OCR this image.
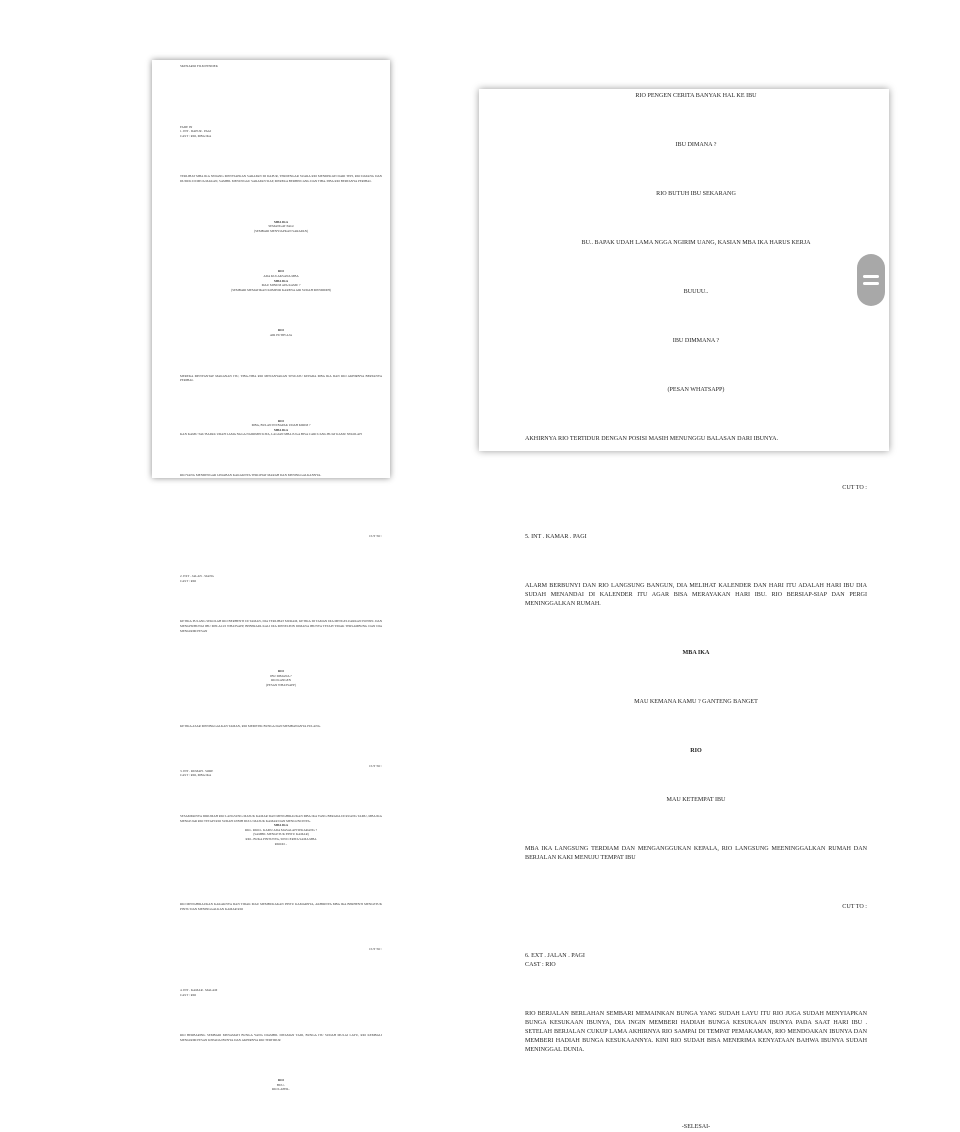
SKENARIO FILM PENDEK

FADE IN

1. INT . DAPUR . PAGI

CAST : RIO, MBA IKA

TERLIHAT MBA IKA SEDANG MENYIAPKAN SARAPAN DI DAPUR, TERDENGAR SUARA RIO MENDEKATI DARI TEPI, RIO DATANG DAN DUDUK DI MEJA MAKAN, SAMBIL MENUNGGU SARAPAN SIAP, MEREKA BERBINCANG DAN TIBA-TIBA RIO BERTANYA PERIHAL

MBA IKA

SEMANGAT PAGI

(SEMBARI MENYIAPKAN SARAPAN)

RIO

ADA KULAKSANA MBA

MBA IKA

MAU MINUM APA KAMU ?

(SEMBARI MEMATIKAN KOMPOR KARENA AIR SUDAH MENDIDIH)

RIO

AIR PUTIH AJA

MEREKA MENYANTAP MAKANAN ITU, TIBA-TIBA RIO MENANYAKAN SESUATU KEPADA MBA IKA DAN RIO AKHIRNYA BERTANYA PERIHAL

RIO

MBA, BULAN INI BAPAK UDAH KIRIM ?

MBA IKA

KAN KAMU TAU BAPAK UDAH LAMA NGGA NGIRIMIN KITA, LAGIAN MBA JUGA BISA CARI UANG BUAT KAMU SEKOLAH

RIO YANG MENDENGAR JAWABAN KAKAKNYA TERLIHAT MARAH DAN MENINGGALKANNYA.

CUT TO :

2. EXT . JALAN . SIANG

CAST : RIO

KETIKA PULANG SEKOLAH RIO BERHENTI DI TAMAN, DIA TERLIHAT MURAM, KETIKA DI TAMAN DIA MENGELUARKAN PONSEL DAN MENGHUBUNGI IBU MELALUI WHATSAPP, BEBERAPA KALI DIA MENELPON DIMANA IBUNYA TETAPI TIDAK TERSAMBUNG DAN DIA MENGIRIM PESAN

RIO

IBU DIMANA ?

RIO KANGEN

(PESAN WHATSAPP)

KETIKA ASAR MENINGGALKAN TAMAN, RIO MEMETIK BUNGA DAN MEMBAWANYA PULANG.

CUT TO :

3. INT . RUMAH . SORE

CAST : RIO, MBA IKA

SESAMPAINYA DIRUMAH RIO LANGSUNG MASUK KAMAR DAN MENGHIRAUKAN MBA IKA YANG BERADA DI RUANG TAMU, MBA IKA MENGEJAR RIO TETAPI RIO SUDAH LEBIH DULU MASUK KAMAR DAN MENGUNCINYA.

MBA IKA

RIO.. RIOO.. KAMU ADA MASALAH SEKARANG ?

(SAMBIL MENGETUK PINTU KAMAR)

RIO.. BUKA PINTUNYA, SINI CERITA SAMA MBA

RIOOO ..

RIO MENGHIRAUKAN KAKAKNYA DAN TIDAK MAU MEMBUKAKAN PINTU KAMARNYA, AKHIRNYA MBA IKA BERHENTI MENGETUK PINTU DAN MENINGGALKAN KAMAR RIO

CUT TO :

4. INT . KAMAR . MALAM

CAST : RIO

RIO BERBARING SEMBARI MENAMATI BUNGA YANG DIAMBIL DITAMAN TADI, BUNGA ITU SUDAH MULAI LAYU, RIO KEMBALI MENGIRIM PESAN KEPADA IBUNYA DAN AKHIRNYA RIO TERTIDUR

RIO

BUU..

RIO LAPER..

RIO PENGEN CERITA BANYAK HAL KE IBU

IBU DIMANA ?

RIO BUTUH IBU SEKARANG

BU.. BAPAK UDAH LAMA NGGA NGIRIM UANG, KASIAN MBA IKA HARUS KERJA

BUUUU..

IBU DIMMANA ?

(PESAN WHATSAPP)

AKHIRNYA RIO TERTIDUR DENGAN POSISI MASIH MENUNGGU BALASAN DARI IBUNYA.

CUT TO :

5. INT . KAMAR . PAGI

ALARM BERBUNYI DAN RIO LANGSUNG BANGUN, DIA MELIHAT KALENDER DAN HARI ITU ADALAH HARI IBU DIA SUDAH MENANDAI DI KALENDER ITU AGAR BISA MERAYAKAN HARI IBU. RIO BERSIAP-SIAP DAN PERGI MENINGGALKAN RUMAH.

MBA IKA

MAU KEMANA KAMU ? GANTENG BANGET

RIO

MAU KETEMPAT IBU

MBA IKA LANGSUNG TERDIAM DAN MENGANGGUKAN KEPALA, RIO LANGSUNG MEENINGGALKAN RUMAH DAN BERJALAN KAKI MENUJU TEMPAT IBU

CUT TO :

6. EXT . JALAN . PAGI

CAST : RIO

RIO BERJALAN BERLAHAN SEMBARI MEMAINKAN BUNGA YANG SUDAH LAYU ITU RIO JUGA SUDAH MENYIAPKAN BUNGA KESUKAAN IBUNYA, DIA INGIN MEMBERI HADIAH BUNGA KESUKAAN IBUNYA PADA SAAT HARI IBU . SETELAH BERJALAN CUKUP LAMA AKHIRNYA RIO SAMPAI DI TEMPAT PEMAKAMAN, RIO MENDOAKAN IBUNYA DAN MEMBERI HADIAH BUNGA KESUKAANNYA. KINI RIO SUDAH BISA MENERIMA KENYATAAN BAHWA IBUNYA SUDAH MENINGGAL DUNIA.

-SELESAI-
